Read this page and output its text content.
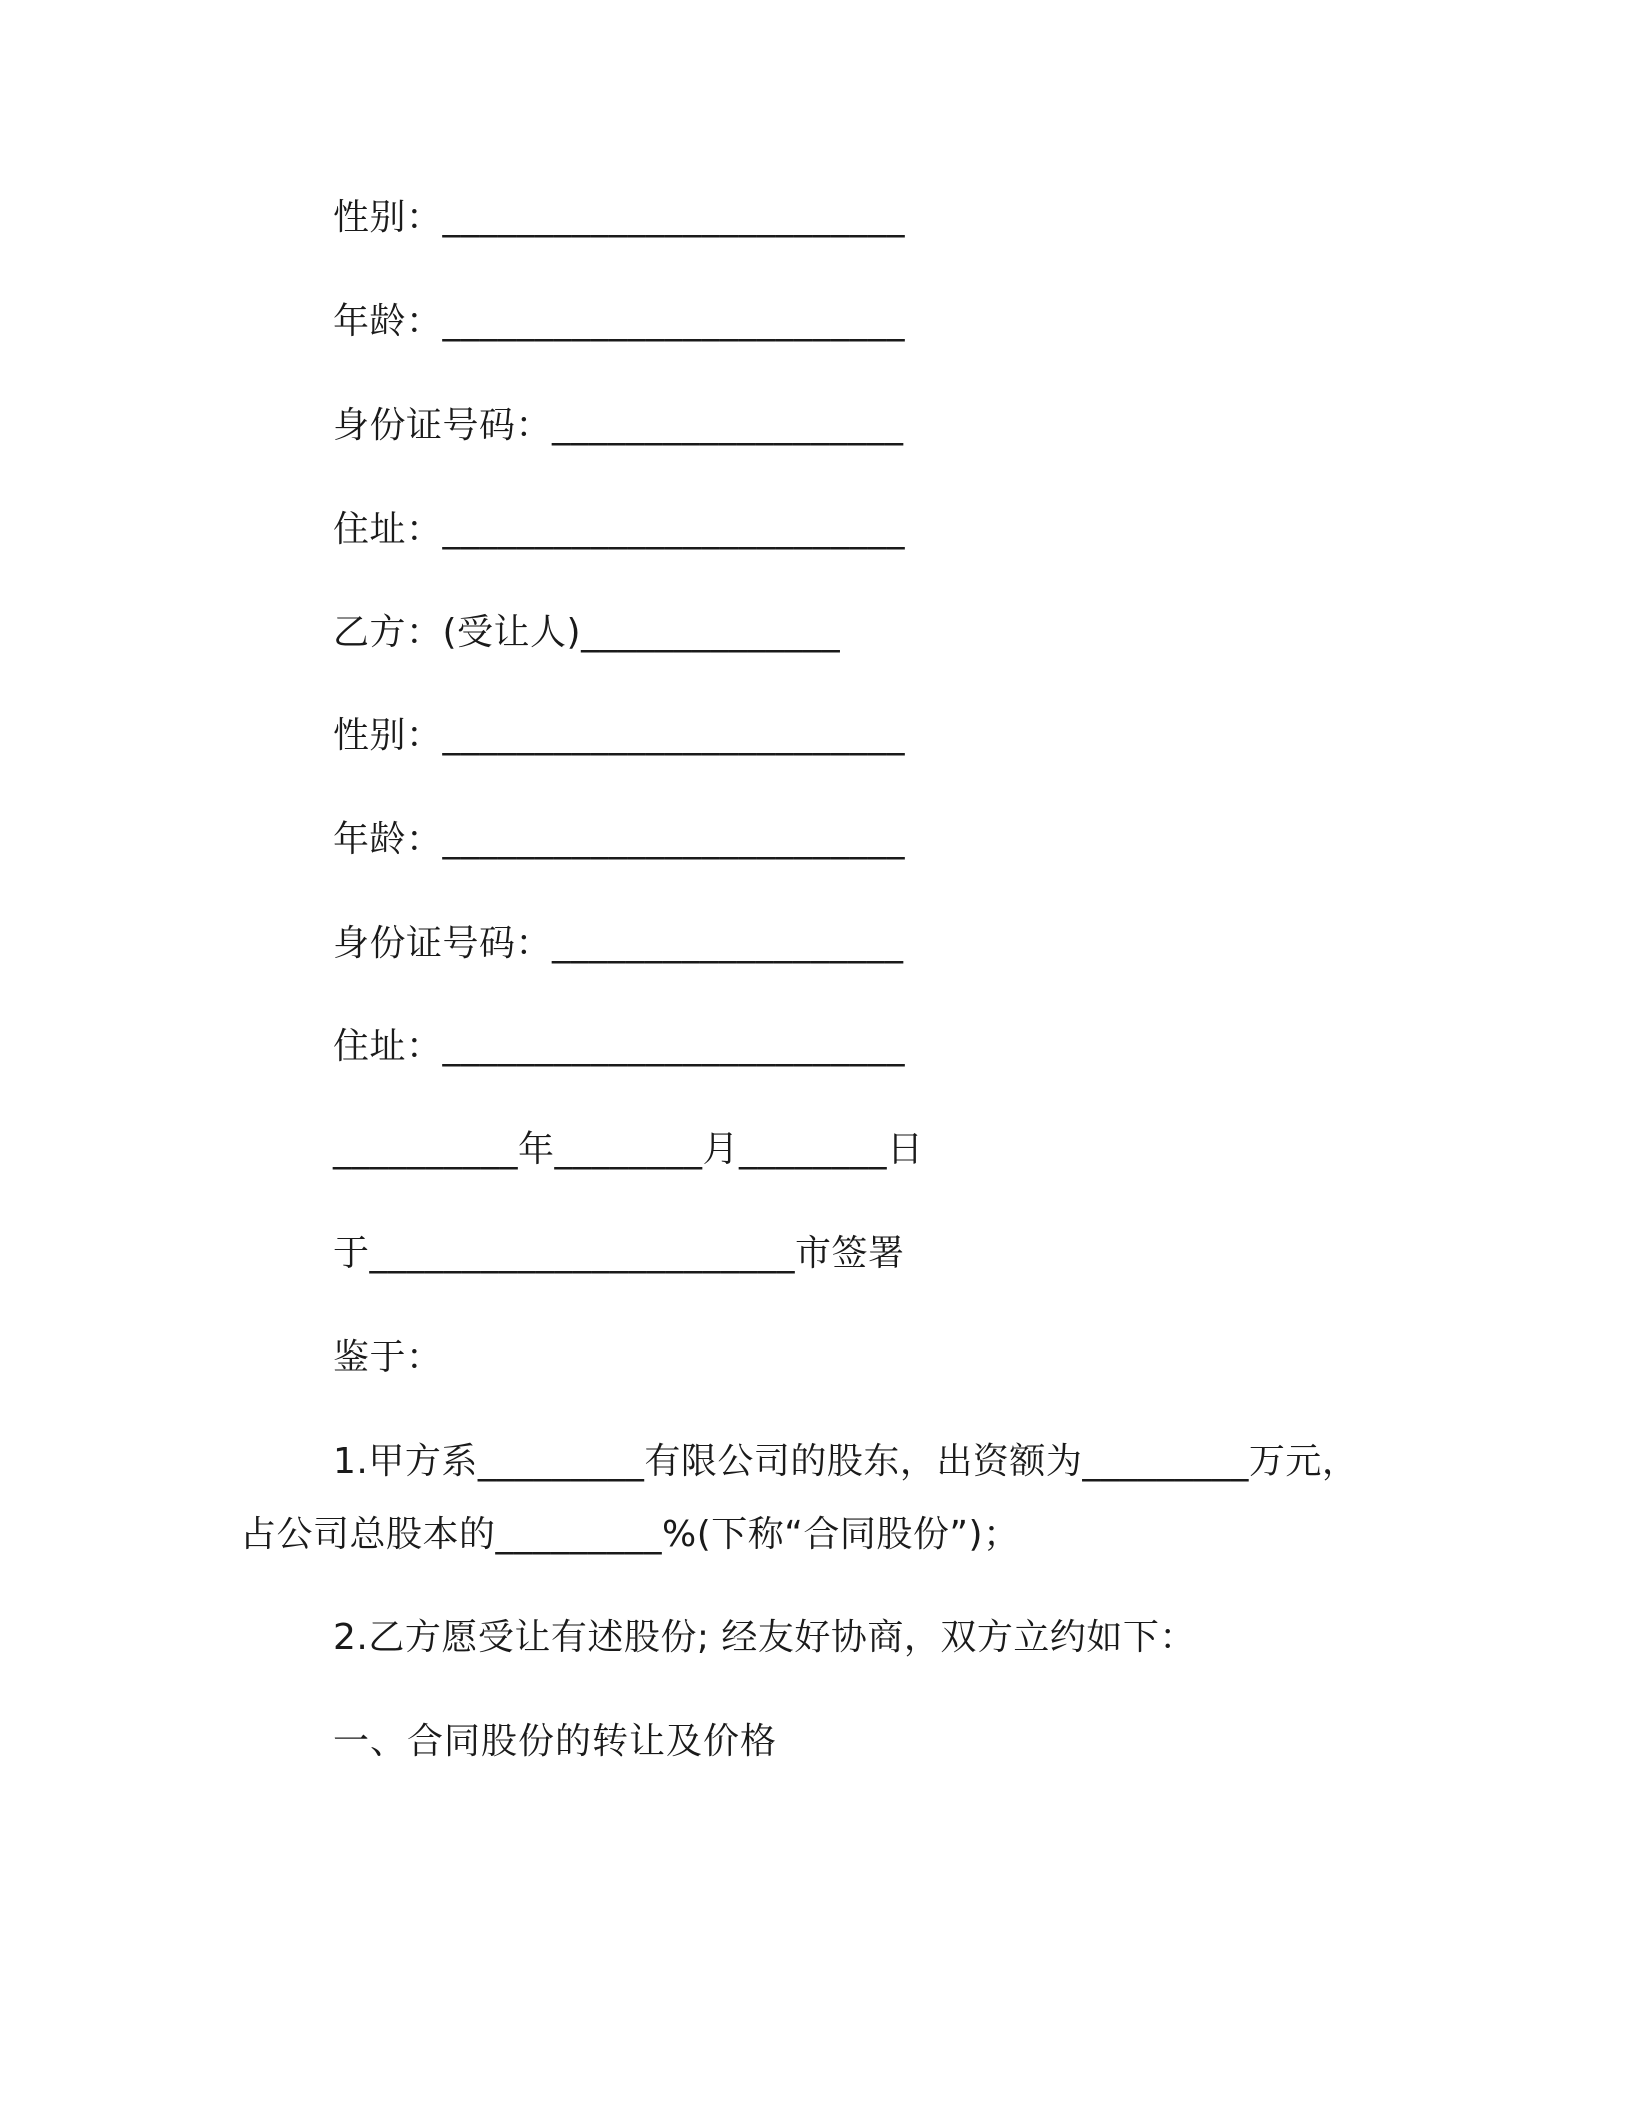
性别：_________________________
年龄：_________________________
身份证号码：___________________
住址：_________________________
乙方：(受让人)______________
性别：_________________________
年龄：_________________________
身份证号码：___________________
住址：_________________________
__________年________月________日
于_______________________市签署
鉴于：
1.甲方系_________有限公司的股东，出资额为_________万元，
占公司总股本的_________%(下称“合同股份”)；
2.乙方愿受让有述股份; 经友好协商，双方立约如下：
一、合同股份的转让及价格
